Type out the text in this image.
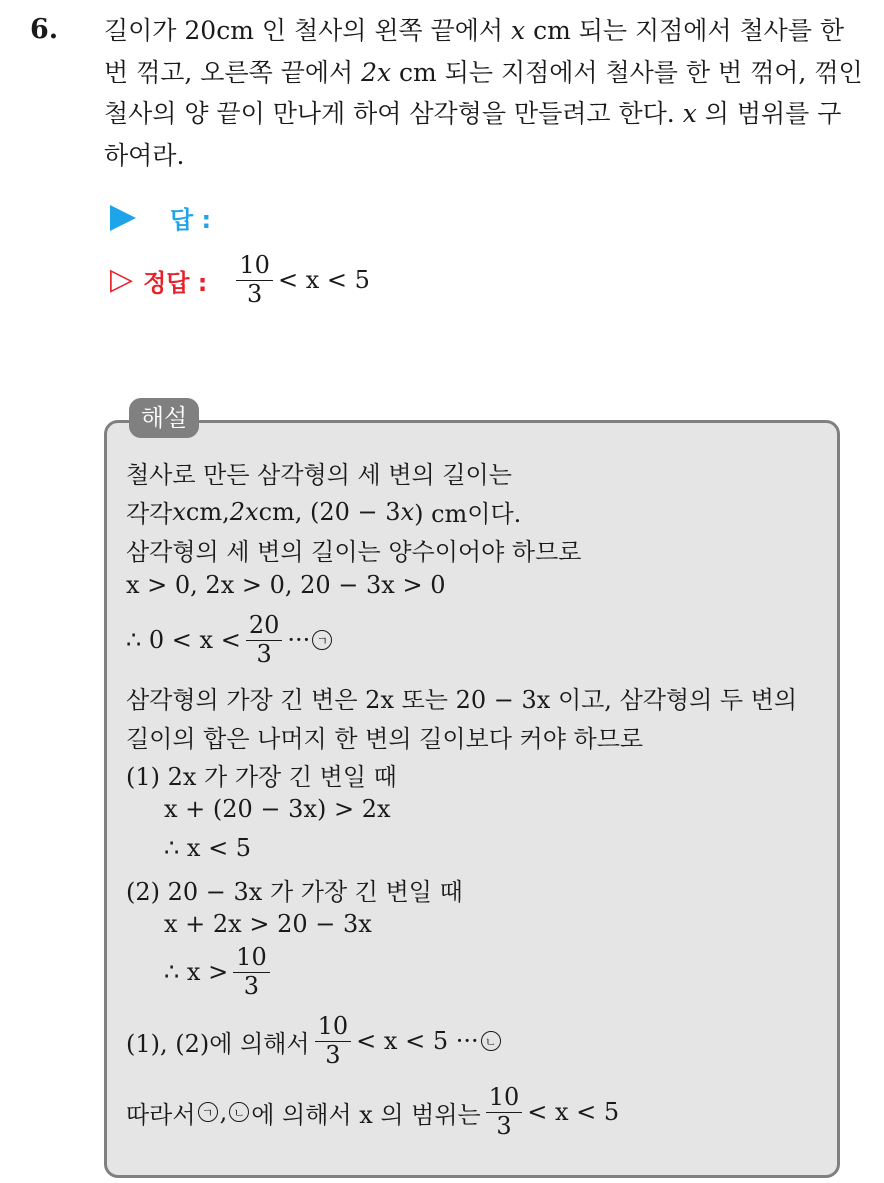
6. 길이가 20cm 인 철사의 왼쪽 끝에서 x cm 되는 지점에서 철사를 한 번 꺾고, 오른쪽 끝에서 2x cm 되는 지점에서 철사를 한 번 꺾어, 꺾인 철사의 양 끝이 만나게 하여 삼각형을 만들려고 한다. x 의 범위를 구하여라.
답 :
▷ 정답 : $\frac{10}{3} < x < 5$
해설
철사로 만든 삼각형의 세 변의 길이는
각각 x cm, 2x cm, (20 − 3 x ) cm이다.
삼각형의 세 변의 길이는 양수이어야 하므로
x > 0, 2x > 0, 20 − 3x > 0
∴ $0 < x < \frac{20}{3}$ ··· ㄱ
삼각형의 가장 긴 변은 2x 또는 20 − 3x 이고, 삼각형의 두 변의
길이의 합은 나머지 한 변의 길이보다 커야 하므로
(1) 2x 가 가장 긴 변일 때
x + (20 − 3x) > 2x
∴ x < 5
(2) 20 − 3x 가 가장 긴 변일 때
x + 2x > 20 − 3x
∴ $x > \frac{10}{3}$
(1), (2)에 의해서 $\frac{10}{3} < x < 5$ ··· ㄴ
따라서 ㄱ , ㄴ 에 의해서 x 의 범위는 $\frac{10}{3} < x < 5$
